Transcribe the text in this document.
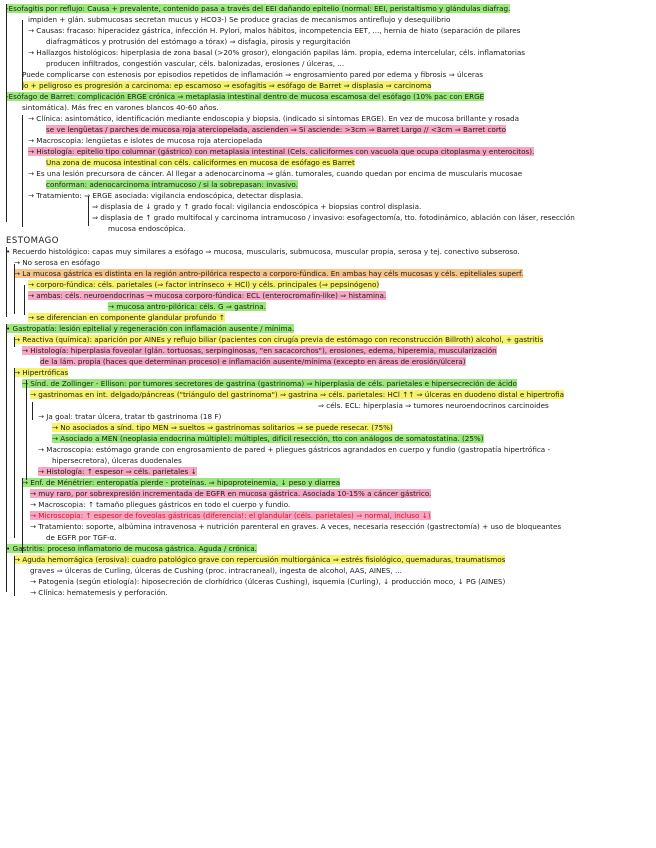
-Esofagitis por reflujo: Causa + prevalente, contenido pasa a través del EEI dañando epitelio (normal: EEI, peristaltismo y glándulas diafrag.
impiden + glán. submucosas secretan mucus y HCO3-) Se produce gracias de mecanismos antireflujo y desequilibrio
→ Causas: fracaso: hiperacidez gástrica, infección H. Pylori, malos hábitos, incompetencia EET, ..., hernia de hiato (separación de pilares
diafragmáticos y protrusión del estómago a tórax) ⇒ disfagia, pirosis y regurgitación
→ Hallazgos histológicos: hiperplasia de zona basal (>20% grosor), elongación papilas lám. propia, edema intercelular, céls. inflamatorias
producen infiltrados, congestión vascular, céls. balonizadas, erosiones / úlceras, ...
Puede complicarse con estenosis por episodios repetidos de inflamación ⇒ engrosamiento pared por edema y fibrosis ⇒ úlceras
lo + peligroso es progresión a carcinoma: ep escamoso ⇒ esofagitis ⇒ esófago de Barret ⇒ displasia ⇒ carcinoma
-Esófago de Barret: complicación ERGE crónica ⇒ metaplasia intestinal dentro de mucosa escamosa del esófago (10% pac con ERGE
sintomática). Más frec en varones blancos 40-60 años.
→ Clínica: asintomático, identificación mediante endoscopia y biopsia. (indicado si síntomas ERGE). En vez de mucosa brillante y rosada
se ve lengüetas / parches de mucosa roja aterciopelada, ascienden ⇒ Si asciende: >3cm ⇒ Barret Largo // <3cm ⇒ Barret corto
→ Macroscopia: lengüetas e islotes de mucosa roja aterciopelada
→ Histología: epitelio tipo columnar (gástrico) con metaplasia intestinal (Cels. caliciformes con vacuola que ocupa citoplasma y enterocitos).
Una zona de mucosa intestinal con céls. caliciformes en mucosa de esófago es Barret
→ Es una lesión precursora de cáncer. Al llegar a adenocarcinoma ⇒ glán. tumorales, cuando quedan por encima de muscularis mucosae
conforman: adenocarcinoma intramucoso / si la sobrepasan: invasivo.
→ Tratamiento: ⇒ ERGE asociada: vigilancia endoscópica, detectar displasia.
⇒ displasia de ↓ grado y ↑ grado focal: vigilancia endoscópica + biopsias control displasia.
⇒ displasia de ↑ grado multifocal y carcinoma intramucoso / invasivo: esofagectomía, tto. fotodinámico, ablación con láser, resección
mucosa endoscópica.
ESTÓMAGO
• Recuerdo histológico: capas muy similares a esófago ⇒ mucosa, muscularis, submucosa, muscular propia, serosa y tej. conectivo subseroso.
→ No serosa en esófago
→ La mucosa gástrica es distinta en la región antro-pilórica respecto a corporo-fúndica. En ambas hay céls mucosas y céls. epiteliales superf.
→ corporo-fúndica: céls. parietales (⇒ factor intrínseco + HCl) y céls. principales (⇒ pepsinógeno)
→ ambas: céls. neuroendocrinas → mucosa corporo-fúndica: ECL (enterocromafín-like) ⇒ histamina.
→ mucosa antro-pilórica: céls. G ⇒ gastrina.
→ se diferencian en componente glandular profundo ↑
• Gastropatía: lesión epitelial y regeneración con inflamación ausente / mínima.
→ Reactiva (química): aparición por AINEs y reflujo biliar (pacientes con cirugía previa de estómago con reconstrucción Billroth) alcohol, + gastritis
→ Histología: hiperplasia foveolar (glán. tortuosas, serpinginosas, "en sacacorchos"), erosiones, edema, hiperemia, muscularización
de la lám. propia (haces que determinan proceso) e inflamación ausente/mínima (excepto en áreas de erosión/úlcera)
→ Hipertróficas
→ Sínd. de Zollinger - Ellison: por tumores secretores de gastrina (gastrinoma) ⇒ hiperplasia de céls. parietales e hipersecreción de ácido
→ gastrinomas en int. delgado/páncreas ("triángulo del gastrinoma") ⇒ gastrina ⇒ céls. parietales: HCl ↑↑ ⇒ úlceras en duodeno distal e hipertrofia
⇒ céls. ECL: hiperplasia ⇒ tumores neuroendocrinos carcinoides
→ Ja goal: tratar úlcera, tratar tb gastrinoma (18 F)
→ No asociados a sínd. tipo MEN ⇒ sueltos ⇒ gastrinomas solitarios ⇒ se puede resecar. (75%)
→ Asociado a MEN (neoplasia endocrina múltiple): múltiples, difícil resección, tto con análogos de somatostatina. (25%)
→ Macroscopia: estómago grande con engrosamiento de pared + pliegues gástricos agrandados en cuerpo y fundio (gastropatía hipertrófica -
hipersecretora), úlceras duodenales
→ Histología: ↑ espesor ⇒ céls. parietales ↓
→ Enf. de Ménétrier: enteropatía pierde - proteínas. ⇒ hipoproteinemia, ↓ peso y diarrea
→ muy raro, por sobrexpresión incrementada de EGFR en mucosa gástrica. Asociada 10-15% a cáncer gástrico.
→ Macroscopia: ↑ tamaño pliegues gástricos en todo el cuerpo y fundio.
→ Microscopia: ↑ espesor de foveolas gástricas (diferencia!: el glandular (céls. parietales) ⇒ normal, incluso ↓)
→ Tratamiento: soporte, albúmina intravenosa + nutrición parenteral en graves. A veces, necesaria resección (gastrectomía) + uso de bloqueantes
de EGFR por TGF-α.
• Gastritis: proceso inflamatorio de mucosa gástrica. Aguda / crónica.
→ Aguda hemorrágica (erosiva): cuadro patológico grave con repercusión multiorgánica ⇒ estrés fisiológico, quemaduras, traumatismos
graves ⇒ úlceras de Curling, úlceras de Cushing (proc. intracraneal), ingesta de alcohol, AAS, AINES, ...
→ Patogenia (según etiología): hiposecreción de clorhídrico (úlceras Cushing), isquemia (Curling), ↓ producción moco, ↓ PG (AINES)
→ Clínica: hematemesis y perforación.
